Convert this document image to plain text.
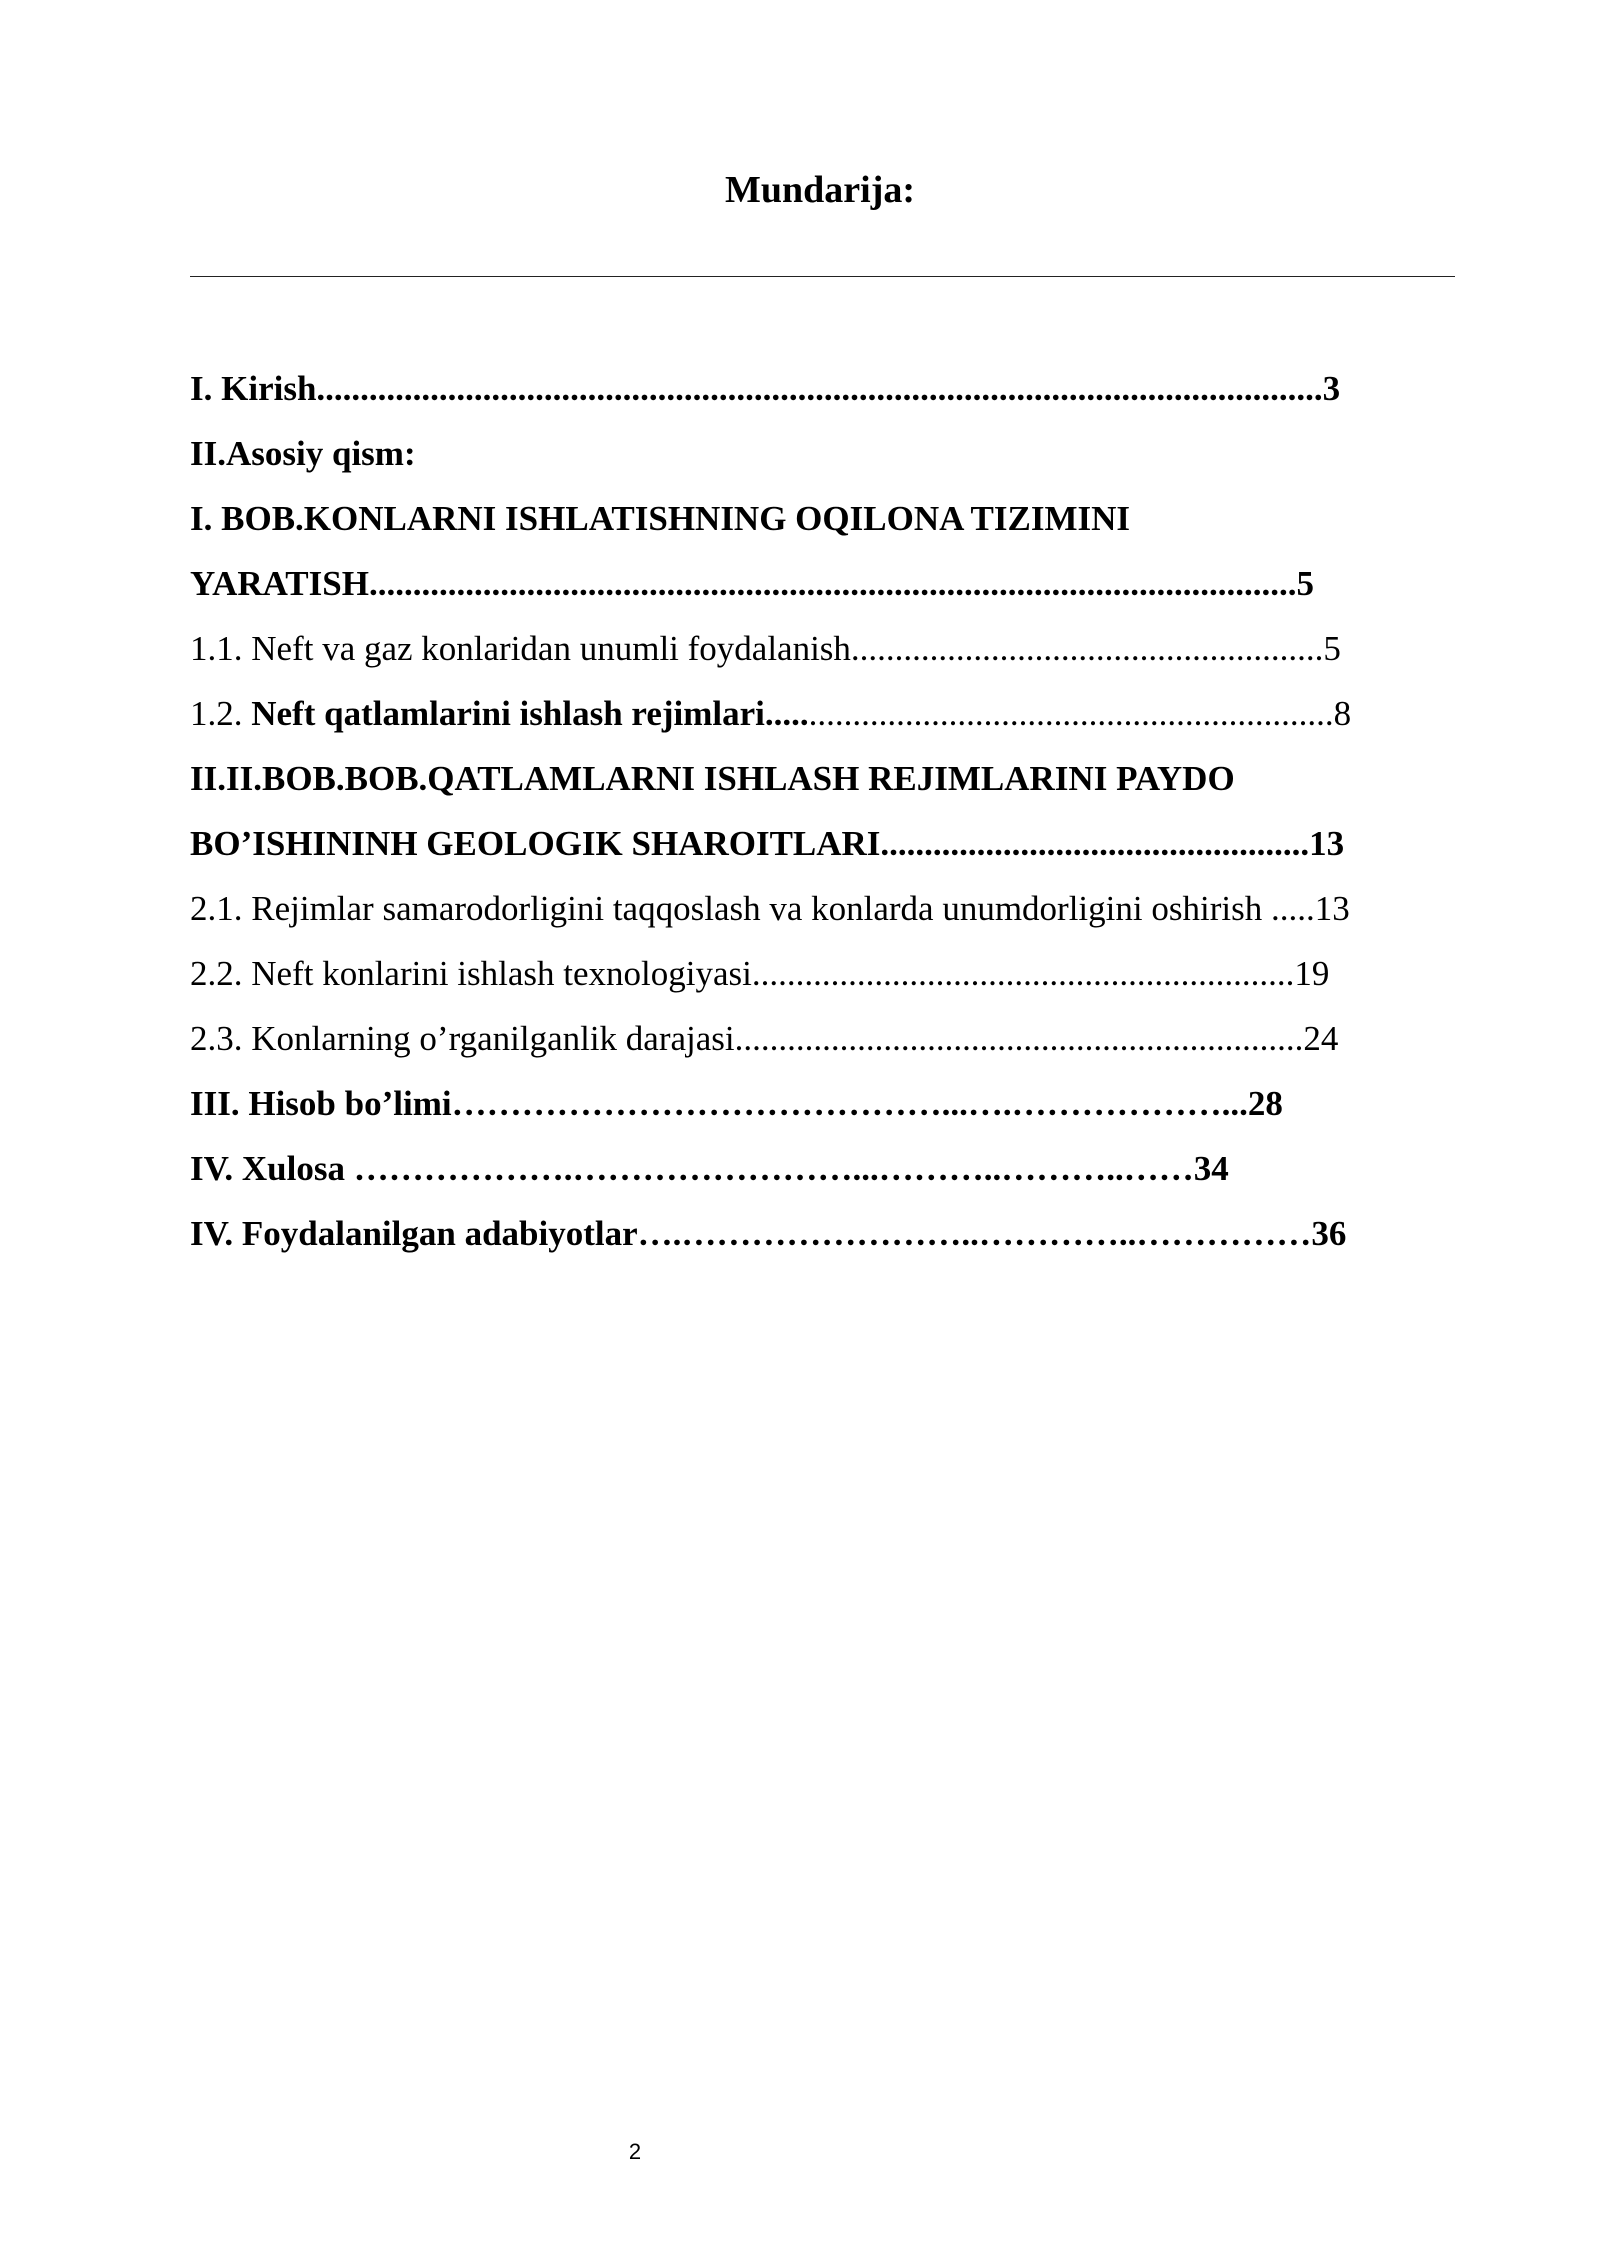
Mundarija:
I. Kirish...................................................................................................................3
II.Asosiy qism:
I. BOB.KONLARNI ISHLATISHNING OQILONA TIZIMINI
YARATISH..........................................................................................................5
1.1. Neft va gaz konlaridan unumli foydalanish......................................................5
1.2. Neft qatlamlarini ishlash rejimlari.................................................................8
II.II.BOB.BOB.QATLAMLARNI ISHLASH REJIMLARINI PAYDO
BO’ISHININH GEOLOGIK SHAROITLARI.................................................13
2.1. Rejimlar samarodorligini taqqoslash va konlarda unumdorligini oshirish .....13
2.2. Neft konlarini ishlash texnologiyasi..............................................................19
2.3. Konlarning o’rganilganlik darajasi.................................................................24
III. Hisob bo’limi……………………………………...….………………...28
IV. Xulosa ……………….……………………...………..………..……34
IV. Foydalanilgan adabiyotlar….……………………..…………..……………36
2
